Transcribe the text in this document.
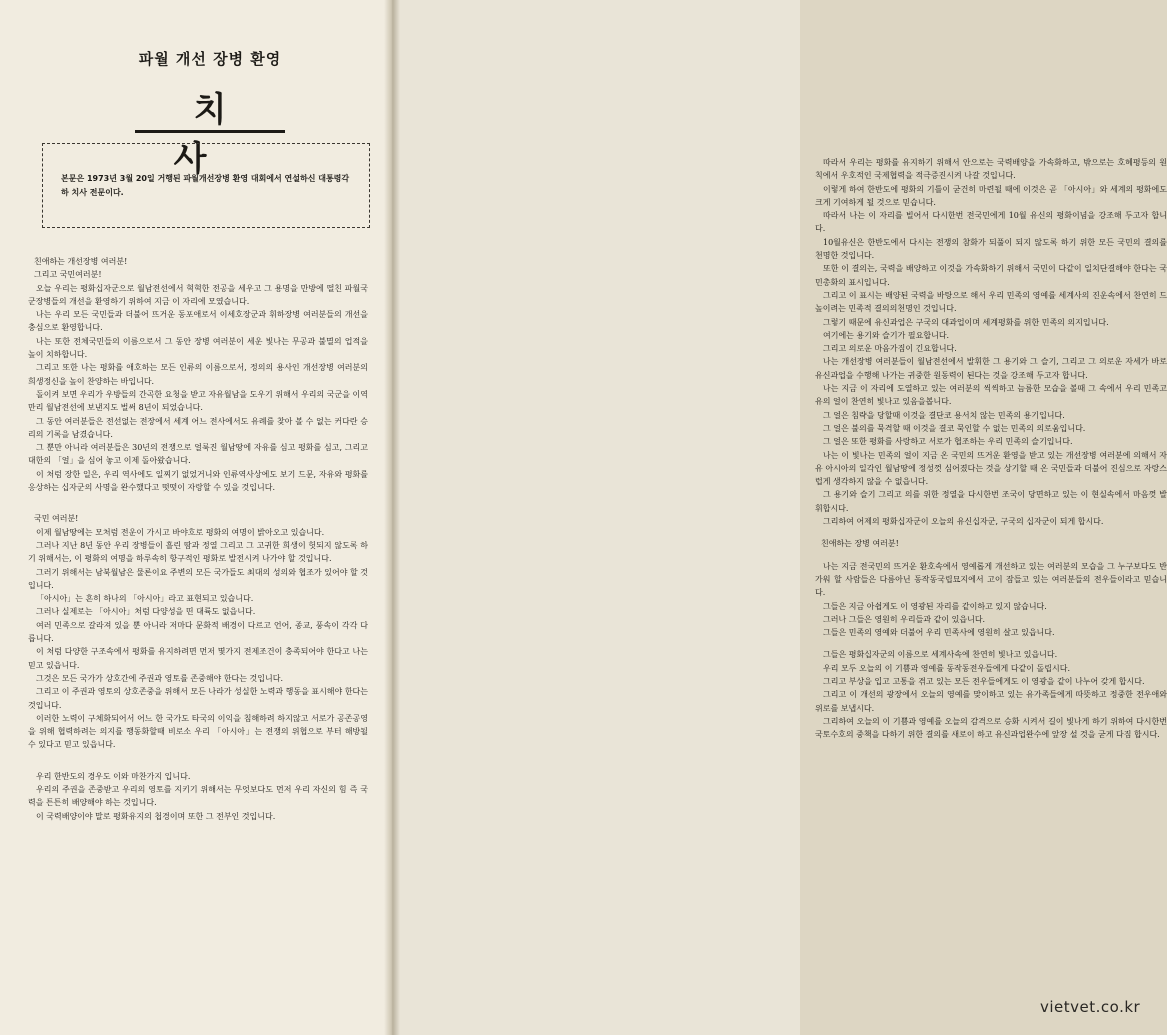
파월 개선 장병 환영
치 사
본문은 1973년 3월 20일 거행된 파월개선장병 환영 대회에서 연설하신 대통령각하 치사 전문이다.

친애하는 개선장병 여러분!

그리고 국민여러분!

오늘 우리는 평화십자군으로 월남전선에서 혁혁한 전공을 세우고 그 용명을 만방에 떨친 파월국군장병들의 개선을 환영하기 위하여 지금 이 자리에 모였습니다.

나는 우리 모든 국민들과 더불어 뜨거운 동포애로서 이세호장군과 휘하장병 여러분들의 개선을 충심으로 환영합니다.

나는 또한 전체국민들의 이름으로서 그 동안 장병 여러분이 세운 빛나는 무공과 불멸의 업적을 높이 치하합니다.

그리고 또한 나는 평화를 애호하는 모든 인류의 이름으로서, 정의의 용사인 개선장병 여러분의 희생정신을 높이 찬양하는 바입니다.

돌이켜 보면 우리가 우방들의 간곡한 요청을 받고 자유월남을 도우기 위해서 우리의 국군을 이역만리 월남전선에 보낸지도 벌써 8년이 되었습니다.

그 동안 여러분들은 전선없는 전장에서 세계 어느 전사에서도 유례를 찾아 볼 수 없는 커다란 승리의 기록을 남겼습니다.

그 뿐만 아니라 여러분들은 30년의 전쟁으로 얼룩진 월남땅에 자유를 심고 평화를 심고, 그리고 대한의 「얼」을 심어 놓고 이제 돌아왔습니다.

이 처럼 장한 일은, 우리 역사에도 일찌기 없었거니와 인류역사상에도 보기 드문, 자유와 평화를 응상하는 십자군의 사명을 완수했다고 떳떳이 자랑할 수 있을 것입니다.

국민 여러분!

이제 월남땅에는 모처럼 전운이 가시고 바야흐로 평화의 여명이 밝아오고 있습니다.

그러나 지난 8년 동안 우리 장병들이 흘린 땀과 정열 그리고 그 고귀한 희생이 헛되지 않도록 하기 위해서는, 이 평화의 여명을 하루속히 항구적인 평화로 발전시켜 나가야 할 것입니다.

그러기 위해서는 남북월남은 물론이요 주변의 모든 국가들도 최대의 성의와 협조가 있어야 할 것입니다.

「아시아」는 흔히 하나의 「아시아」라고 표현되고 있습니다.

그러나 실제로는 「아시아」처럼 다양성을 띤 대륙도 없읍니다.

여러 민족으로 갈라져 있을 뿐 아니라 저마다 문화적 배경이 다르고 언어, 종교, 풍속이 각각 다릅니다.

이 처럼 다양한 구조속에서 평화를 유지하려면 먼저 몇가지 전제조건이 충족되어야 한다고 나는 믿고 있읍니다.

그것은 모든 국가가 상호간에 주권과 영토를 존중해야 한다는 것입니다.

그리고 이 주권과 영토의 상호존중을 위해서 모든 나라가 성실한 노력과 행동을 표시해야 한다는 것입니다.

이러한 노력이 구체화되어서 어느 한 국가도 타국의 이익을 침해하려 하지않고 서로가 공존공영을 위해 협력하려는 의지를 행동화할때 비로소 우리 「아시아」는 전쟁의 위협으로 부터 해방될 수 있다고 믿고 있읍니다.

우리 한반도의 경우도 이와 마찬가지 입니다.

우리의 주권을 존중받고 우리의 영토를 지키기 위해서는 무엇보다도 먼저 우리 자신의 힘 즉 국력을 튼튼히 배양해야 하는 것입니다.

이 국력배양이야 말로 평화유지의 첩경이며 또한 그 전부인 것입니다.

따라서 우리는 평화를 유지하기 위해서 안으로는 국력배양을 가속화하고, 밖으로는 호혜평등의 원칙에서 우호적인 국제협력을 적극증진시켜 나갈 것입니다.

이렇게 하여 한반도에 평화의 기틀이 굳건히 마련될 때에 이것은 곧 「아시아」와 세계의 평화에도 크게 기여하게 될 것으로 믿습니다.

따라서 나는 이 자리를 빌어서 다시한번 전국민에게 10월 유신의 평화이념을 강조해 두고자 합니다.

10월유신은 한반도에서 다시는 전쟁의 참화가 되풀이 되지 않도록 하기 위한 모든 국민의 결의를 천명한 것입니다.

또한 이 결의는, 국력을 배양하고 이것을 가속화하기 위해서 국민이 다같이 일치단결해야 한다는 국민총화의 표시입니다.

그리고 이 표시는 배양된 국력을 바탕으로 해서 우리 민족의 영예를 세계사의 진운속에서 찬연히 드높이려는 민족적 결의의천명인 것입니다.

그렇기 때문에 유신과업은 구국의 대과업이며 세계평화를 위한 민족의 의지입니다.

여기에는 용기와 슬기가 필요합니다.

그리고 의로운 마음가짐이 긴요합니다.

나는 개선장병 여러분들이 월남전선에서 발휘한 그 용기와 그 슬기, 그리고 그 의로운 자세가 바로 유신과업을 수행해 나가는 귀중한 원동력이 된다는 것을 강조해 두고자 합니다.

나는 지금 이 자리에 도열하고 있는 여러분의 씩씩하고 늠름한 모습을 볼때 그 속에서 우리 민족고유의 얼이 찬연히 빛나고 있음을봅니다.

그 얼은 침략을 당할때 이것을 결단코 용서치 않는 민족의 용기입니다.

그 얼은 불의를 묵격할 때 이것을 결코 묵인할 수 없는 민족의 의로움입니다.

그 얼은 또한 평화를 사랑하고 서로가 협조하는 우리 민족의 슬기입니다.

나는 이 빛나는 민족의 얼이 지금 온 국민의 뜨거운 환영을 받고 있는 개선장병 여러분에 의해서 자유 아시아의 일각인 월남땅에 정성껏 심어졌다는 것을 상기할 때 온 국민들과 더불어 진심으로 자랑스럽게 생각하지 않을 수 없읍니다.

그 용기와 슬기 그리고 의를 위한 정열을 다시한번 조국이 당면하고 있는 이 현실속에서 마음껏 발휘합시다.

그리하여 어제의 평화십자군이 오늘의 유신십자군, 구국의 십자군이 되게 합시다.

친애하는 장병 여러분!

나는 지금 전국민의 뜨거운 환호속에서 영예롭게 개선하고 있는 여러분의 모습을 그 누구보다도 반가워 할 사람들은 다름아닌 동작동국립묘지에서 고이 잠들고 있는 여러분들의 전우들이라고 믿습니다.

그들은 지금 아쉽게도 이 영광된 자리를 같이하고 있지 않습니다.

그러나 그들은 영원히 우리들과 같이 있읍니다.

그들은 민족의 영예와 더불어 우리 민족사에 영원히 살고 있읍니다.

그들은 평화십자군의 이름으로 세계사속에 찬연히 빛나고 있읍니다.

우리 모두 오늘의 이 기쁨과 영예를 동작동전우들에게 다같이 돌립시다.

그리고 부상을 입고 고통을 겪고 있는 모든 전우들에게도 이 영광을 같이 나누어 갖게 합시다.

그리고 이 개선의 광장에서 오늘의 영예를 맞이하고 있는 유가족들에게 따뜻하고 정중한 전우애와 위로를 보냅시다.

그리하여 오늘의 이 기쁨과 영예를 오늘의 감격으로 승화 시켜서 길이 빛나게 하기 위하여 다시한번 국토수호의 중책을 다하기 위한 결의를 새로이 하고 유신과업완수에 앞장 설 것을 굳게 다짐 합시다.

vietvet.co.kr
